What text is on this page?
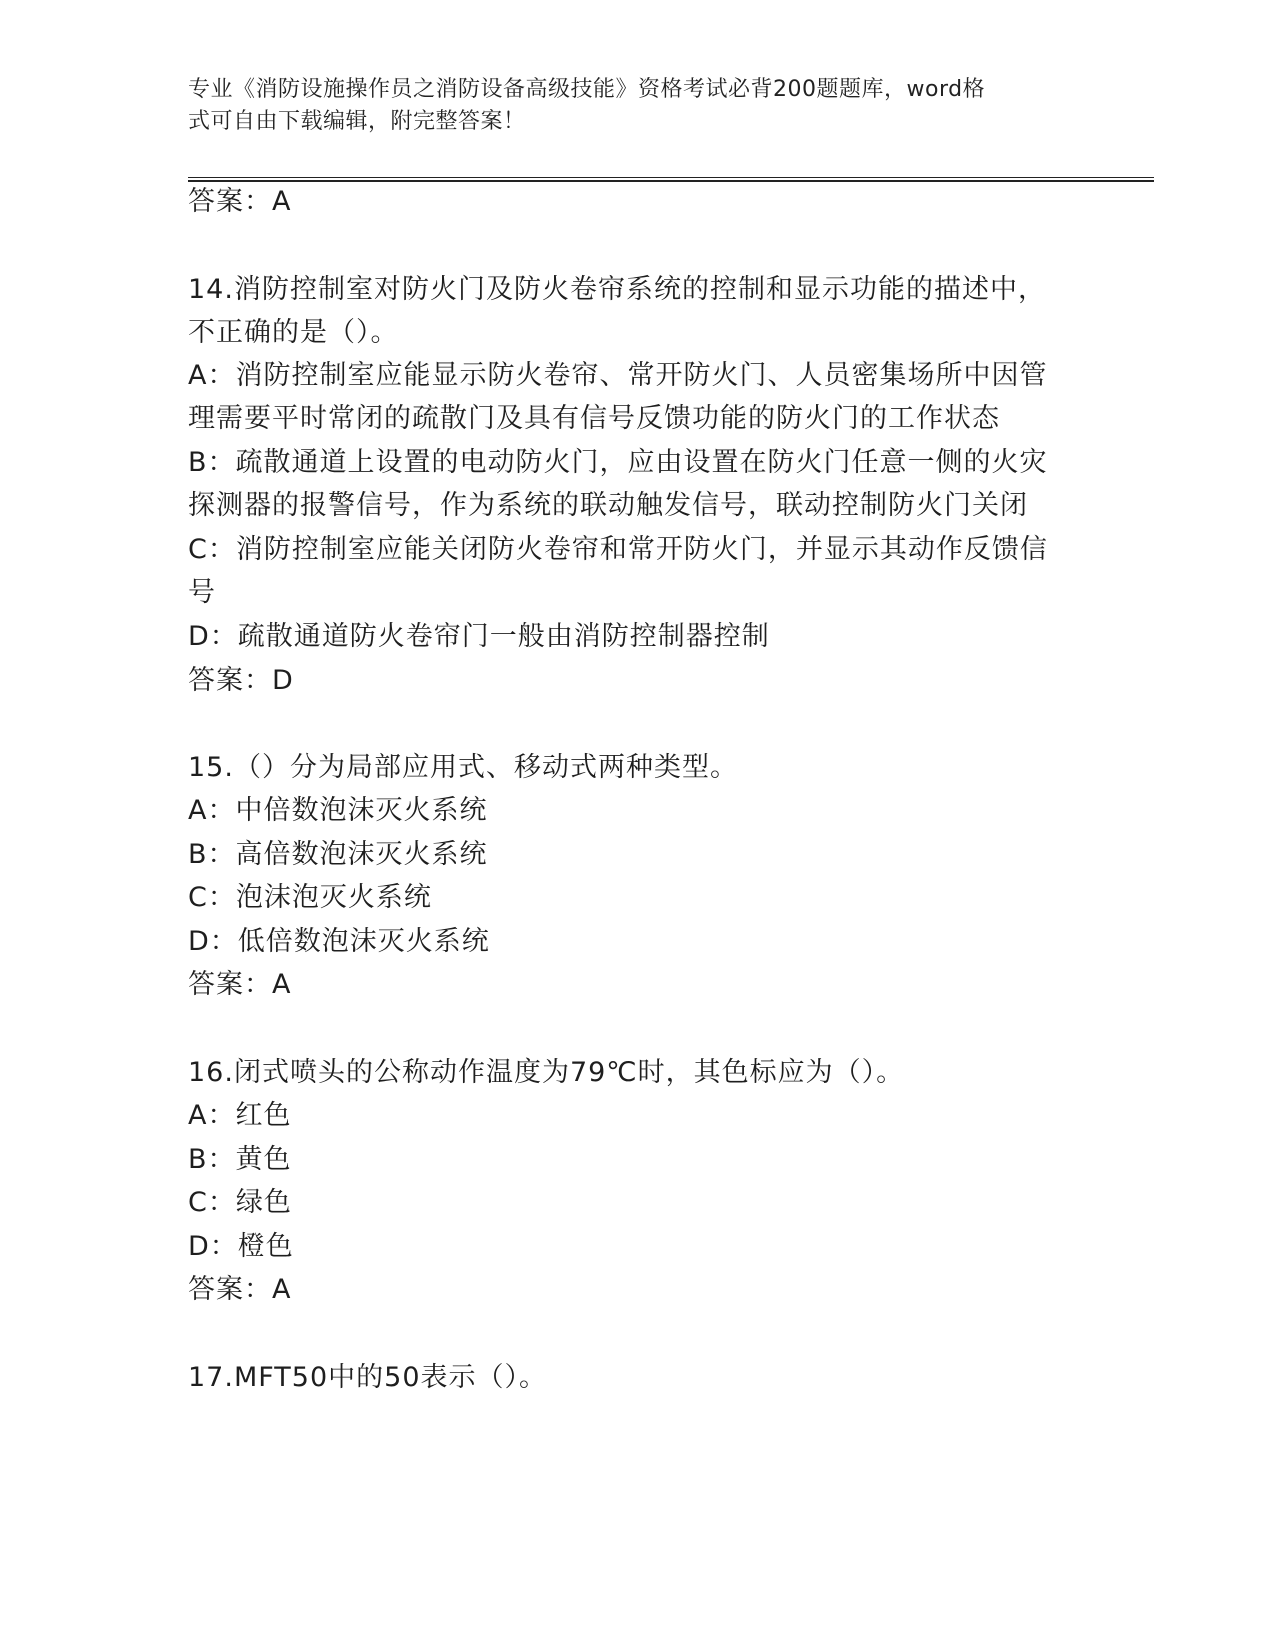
专业《消防设施操作员之消防设备高级技能》资格考试必背200题题库，word格
式可自由下载编辑，附完整答案！
答案：A
14.消防控制室对防火门及防火卷帘系统的控制和显示功能的描述中，
不正确的是（）。
A：消防控制室应能显示防火卷帘、常开防火门、人员密集场所中因管
理需要平时常闭的疏散门及具有信号反馈功能的防火门的工作状态
B：疏散通道上设置的电动防火门，应由设置在防火门任意一侧的火灾
探测器的报警信号，作为系统的联动触发信号，联动控制防火门关闭
C：消防控制室应能关闭防火卷帘和常开防火门，并显示其动作反馈信
号
D：疏散通道防火卷帘门一般由消防控制器控制
答案：D
15.（）分为局部应用式、移动式两种类型。
A：中倍数泡沫灭火系统
B：高倍数泡沫灭火系统
C：泡沫泡灭火系统
D：低倍数泡沫灭火系统
答案：A
16.闭式喷头的公称动作温度为79℃时，其色标应为（）。
A：红色
B：黄色
C：绿色
D：橙色
答案：A
17.MFT50中的50表示（）。
